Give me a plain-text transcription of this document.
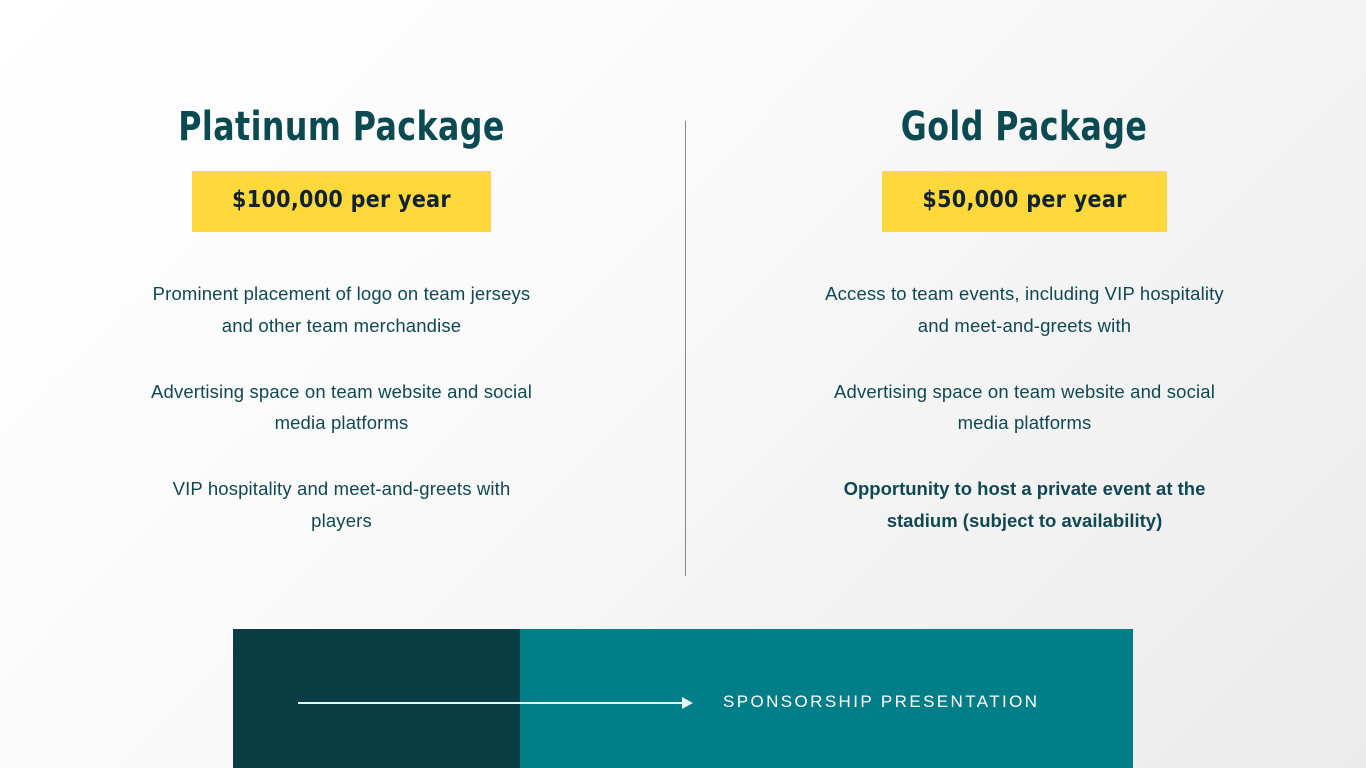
Platinum Package
$100,000 per year
Prominent placement of logo on team jerseys and other team merchandise
Advertising space on team website and social media platforms
VIP hospitality and meet-and-greets with players
Gold Package
$50,000 per year
Access to team events, including VIP hospitality and meet-and-greets with
Advertising space on team website and social media platforms
Opportunity to host a private event at the stadium (subject to availability)
SPONSORSHIP PRESENTATION
